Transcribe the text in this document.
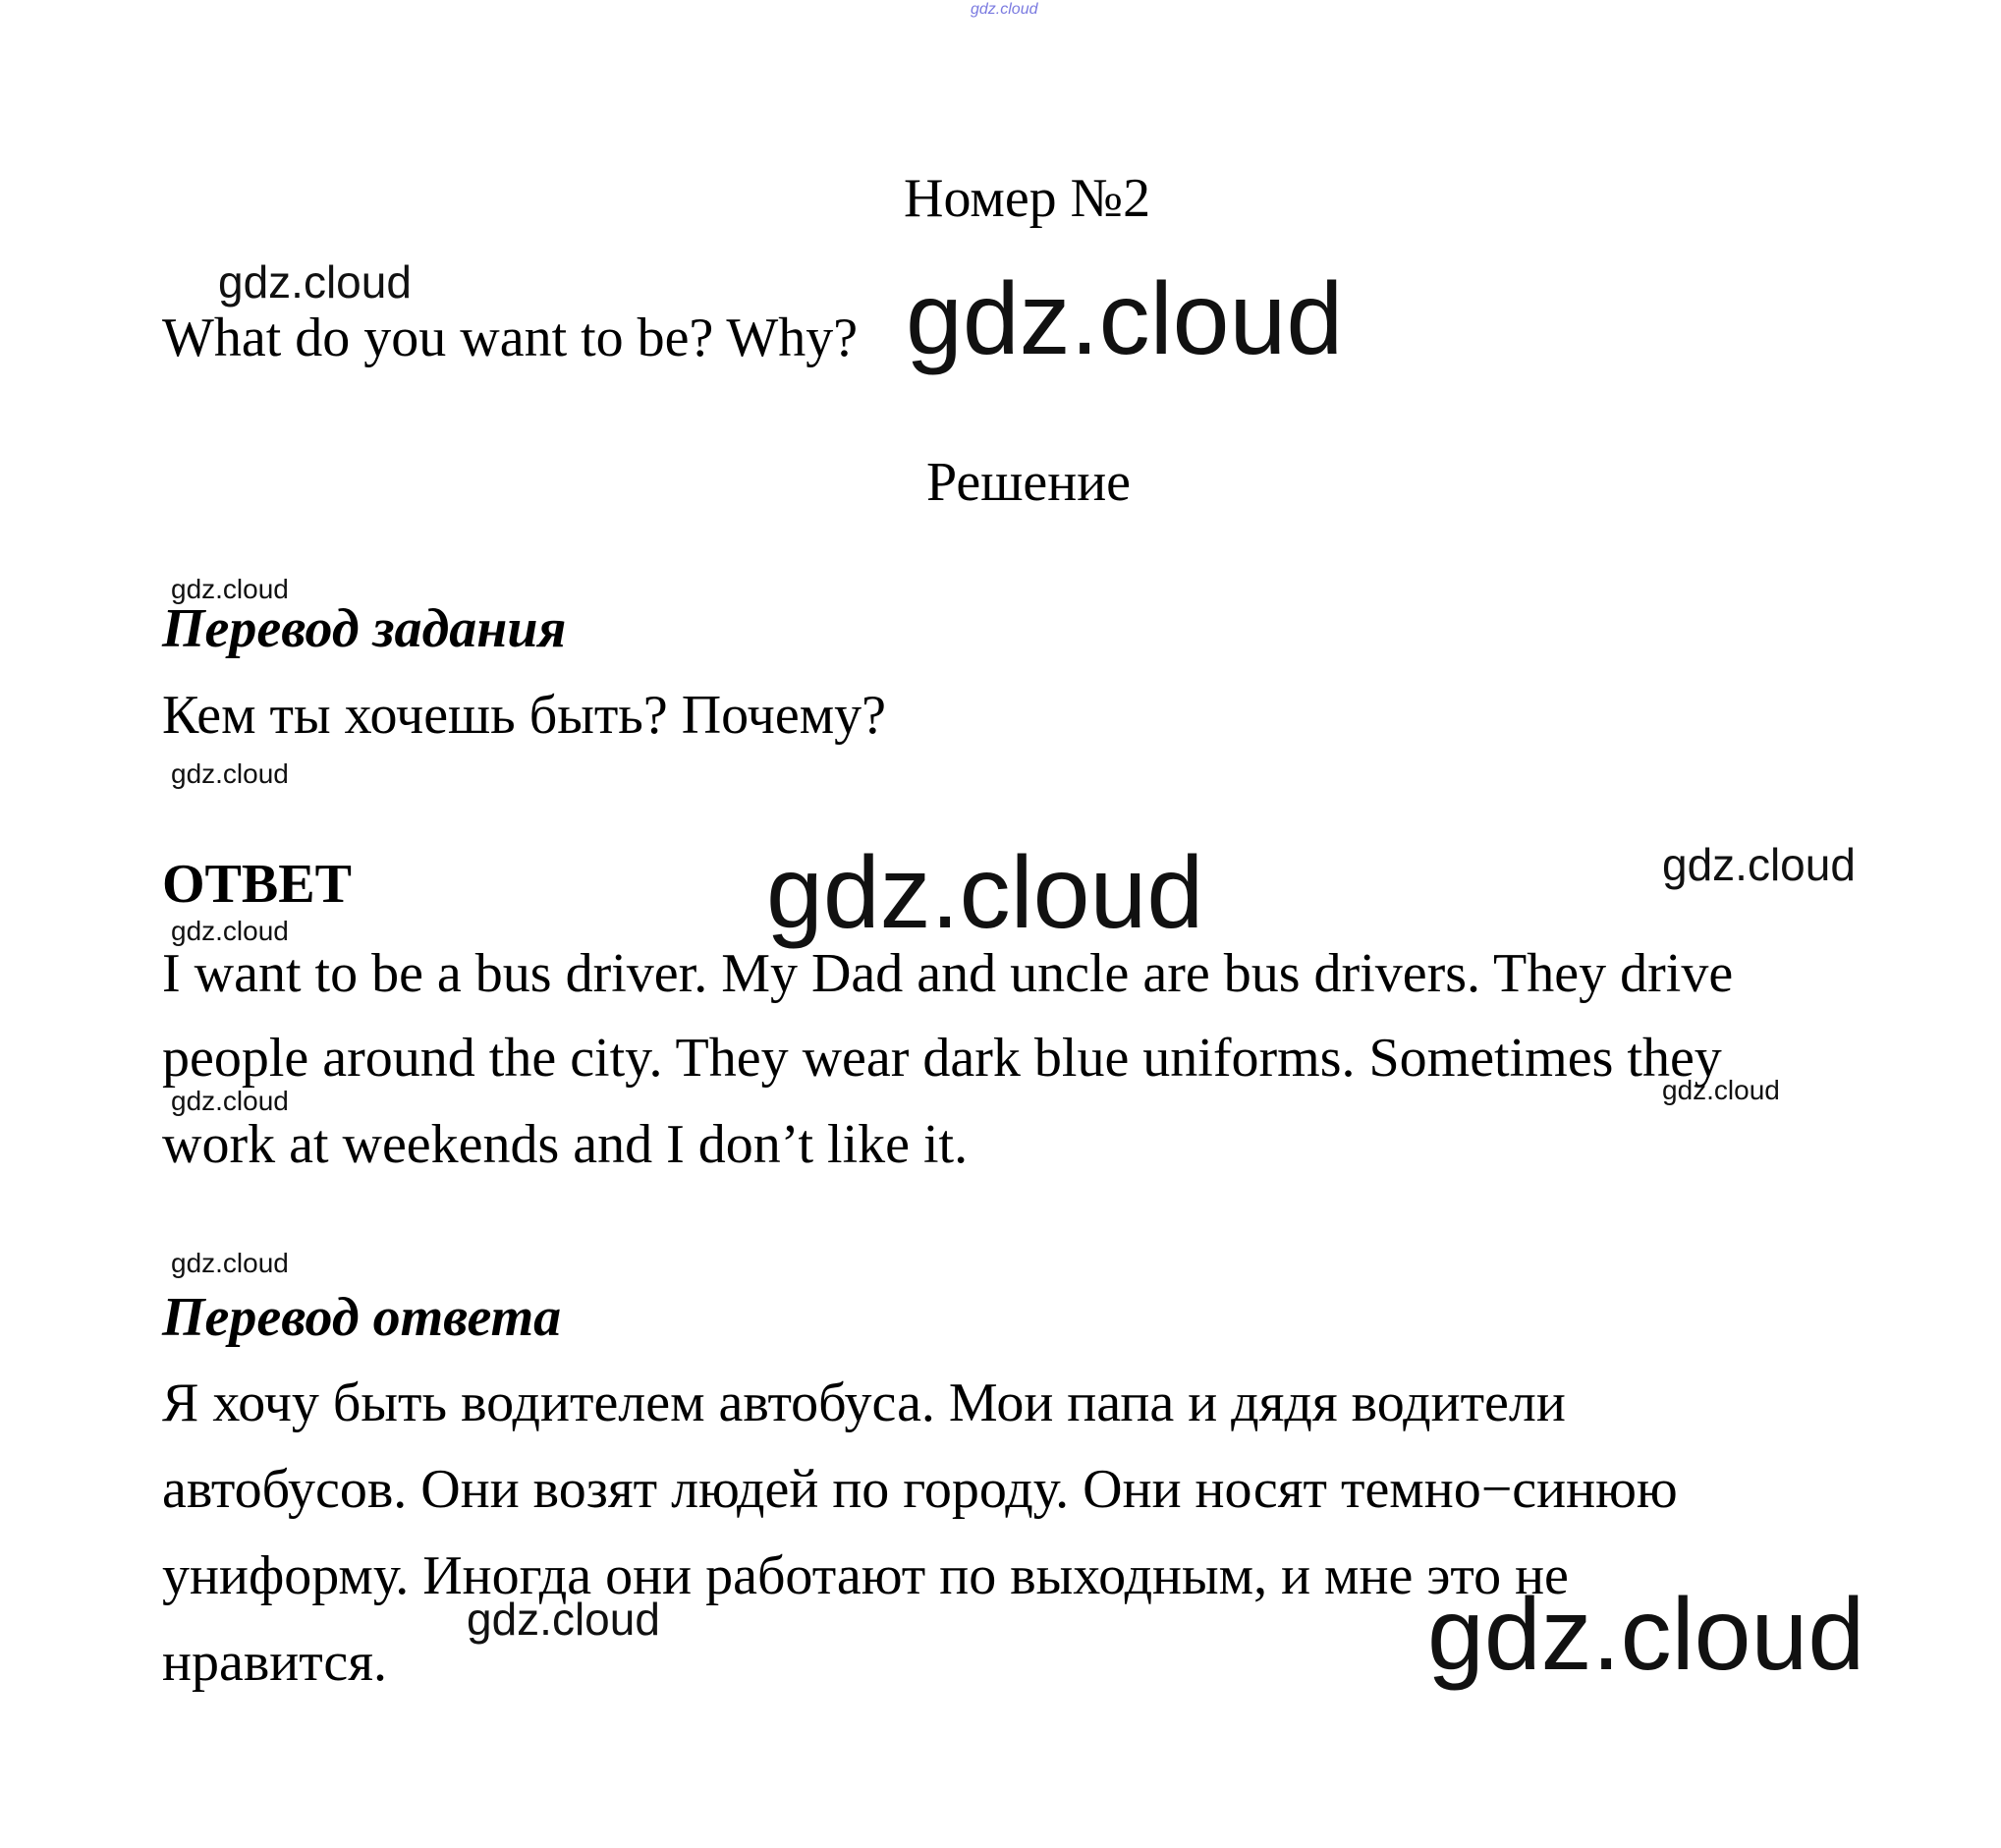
gdz.cloud
Номер №2
gdz.cloud
What do you want to be? Why? gdz.cloud
Решение
gdz.cloud
Перевод задания
Кем ты хочешь быть? Почему?
gdz.cloud
ОТВЕТ	gdz.cloud	gdz.cloud
gdz.cloud
I want to be a bus driver. My Dad and uncle are bus drivers. They drive
people around the city. They wear dark blue uniforms. Sometimes they
gdz.cloud	gdz.cloud
work at weekends and I don’t like it.
gdz.cloud
Перевод ответа
Я хочу быть водителем автобуса. Мои папа и дядя водители
автобусов. Они возят людей по городу. Они носят темно−синюю
униформу. Иногда они работают по выходным, и мне это не
нравится.
gdz.cloud	gdz.cloud
